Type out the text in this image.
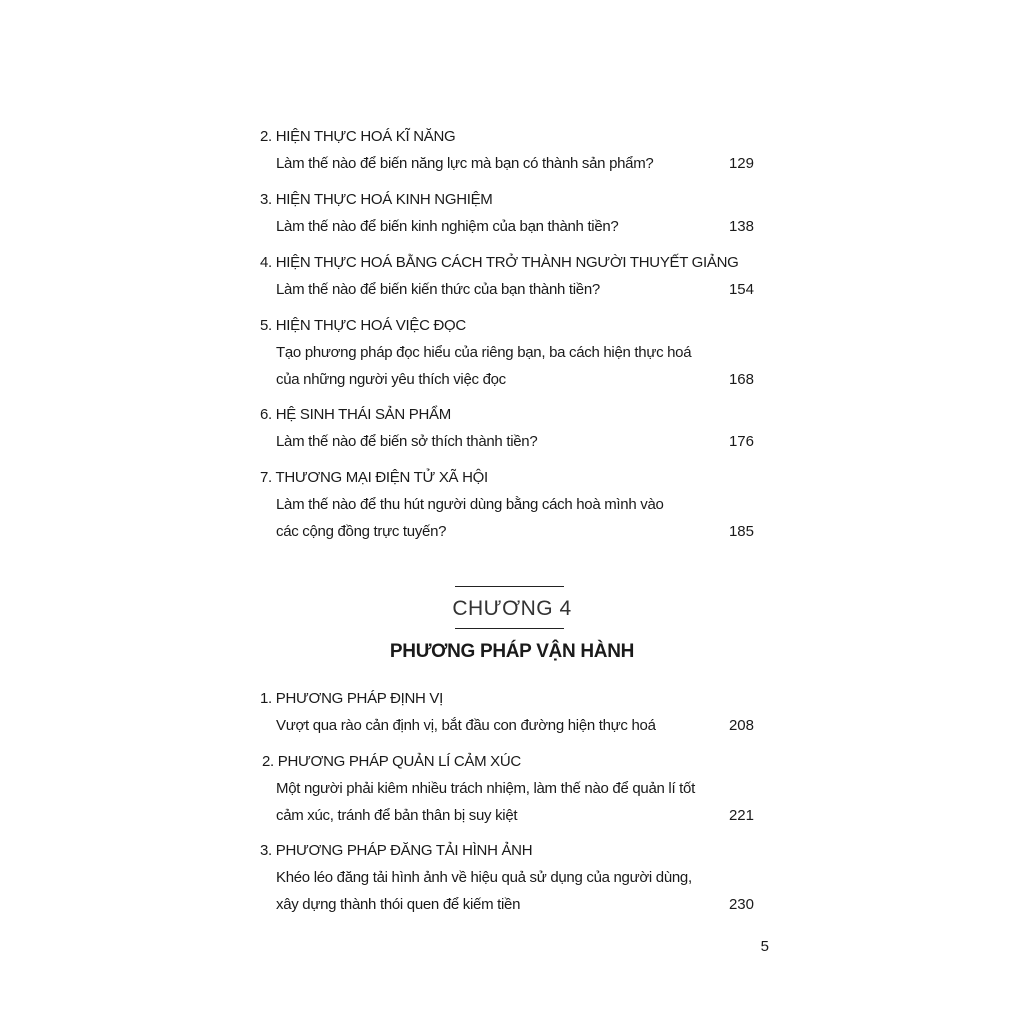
2. HIỆN THỰC HOÁ KĨ NĂNG
Làm thế nào để biến năng lực mà bạn có thành sản phẩm?	129
3. HIỆN THỰC HOÁ KINH NGHIỆM
Làm thế nào để biến kinh nghiệm của bạn thành tiền?	138
4. HIỆN THỰC HOÁ BẰNG CÁCH TRỞ THÀNH NGƯỜI THUYẾT GIẢNG
Làm thế nào để biến kiến thức của bạn thành tiền?	154
5. HIỆN THỰC HOÁ VIỆC ĐỌC
Tạo phương pháp đọc hiểu của riêng bạn, ba cách hiện thực hoá
của những người yêu thích việc đọc	168
6. HỆ SINH THÁI SẢN PHẨM
Làm thế nào để biến sở thích thành tiền?	176
7. THƯƠNG MẠI ĐIỆN TỬ XÃ HỘI
Làm thế nào để thu hút người dùng bằng cách hoà mình vào
các cộng đồng trực tuyến?	185
CHƯƠNG 4
PHƯƠNG PHÁP VẬN HÀNH
1. PHƯƠNG PHÁP ĐỊNH VỊ
Vượt qua rào cản định vị, bắt đầu con đường hiện thực hoá	208
2. PHƯƠNG PHÁP QUẢN LÍ CẢM XÚC
Một người phải kiêm nhiều trách nhiệm, làm thế nào để quản lí tốt
cảm xúc, tránh để bản thân bị suy kiệt	221
3. PHƯƠNG PHÁP ĐĂNG TẢI HÌNH ẢNH
Khéo léo đăng tải hình ảnh về hiệu quả sử dụng của người dùng,
xây dựng thành thói quen để kiếm tiền	230
5
